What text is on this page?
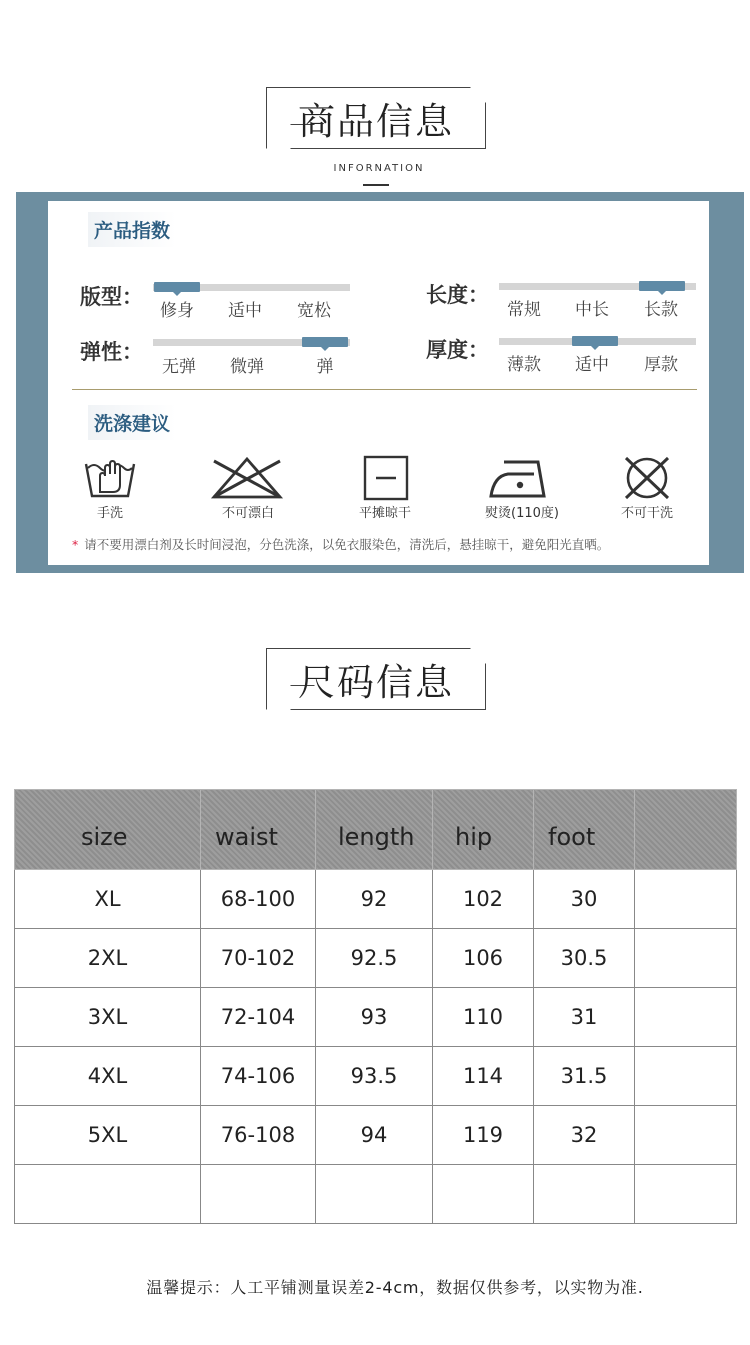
商品信息
INFORNATION
产品指数
版型：
修身	适中	宽松
长度：
常规	中长	长款
弹性：
无弹	微弹	弹
厚度：
薄款	适中	厚款
洗涤建议
手洗	不可漂白	平摊晾干	熨烫(110度)	不可干洗
* 请不要用漂白剂及长时间浸泡，分色洗涤，以免衣服染色，清洗后，悬挂晾干，避免阳光直晒。
尺码信息
size	waist	length	hip	foot	
XL	68-100	92	102	30	
2XL	70-102	92.5	106	30.5	
3XL	72-104	93	110	31	
4XL	74-106	93.5	114	31.5	
5XL	76-108	94	119	32	

温馨提示：人工平铺测量误差2-4cm，数据仅供参考，以实物为准.
